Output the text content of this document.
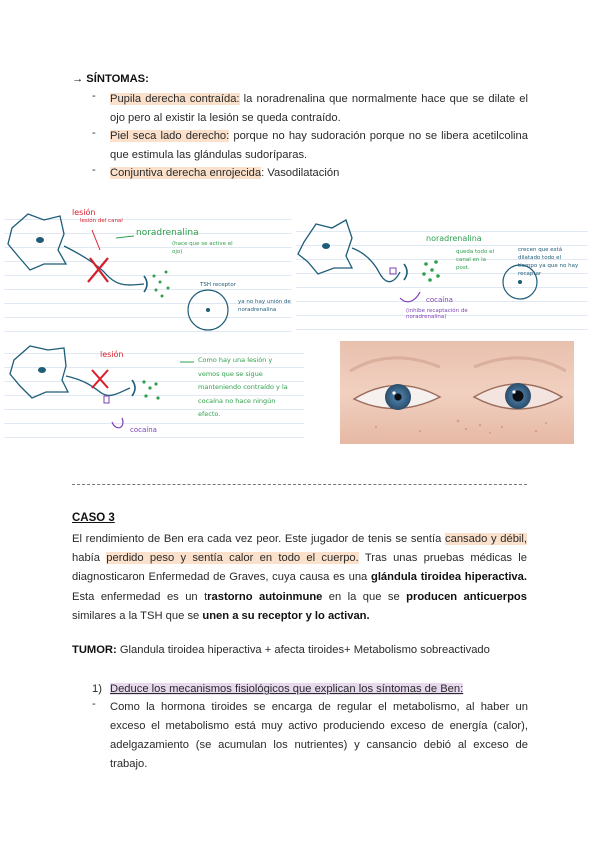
→ SÍNTOMAS:
- Pupila derecha contraída: la noradrenalina que normalmente hace que se dilate el ojo pero al existir la lesión se queda contraído.
- Piel seca lado derecho: porque no hay sudoración porque no se libera acetilcolina que estimula las glándulas sudoríparas.
- Conjuntiva derecha enrojecida: Vasodilatación
lesión
lesión del canal
noradrenalina
(hace que se active el ojo)
TSH receptor
ya no hay unión de noradrenalina
noradrenalina
queda todo el canal en la post.
cocaína
(inhibe recaptación de noradrenalina)
crecen que está dilatado todo el tiempo ya que no hay recaptar
lesión
Como hay una lesión y vemos que se sigue manteniendo contraído y la cocaína no hace ningún efecto.
cocaína
CASO 3
El rendimiento de Ben era cada vez peor. Este jugador de tenis se sentía cansado y débil, había perdido peso y sentía calor en todo el cuerpo. Tras unas pruebas médicas le diagnosticaron Enfermedad de Graves, cuya causa es una glándula tiroidea hiperactiva. Esta enfermedad es un trastorno autoinmune en la que se producen anticuerpos similares a la TSH que se unen a su receptor y lo activan.
TUMOR: Glandula tiroidea hiperactiva + afecta tiroides+ Metabolismo sobreactivado
1) Deduce los mecanismos fisiológicos que explican los síntomas de Ben:
- Como la hormona tiroides se encarga de regular el metabolismo, al haber un exceso el metabolismo está muy activo produciendo exceso de energía (calor), adelgazamiento (se acumulan los nutrientes) y cansancio debió al exceso de trabajo.
